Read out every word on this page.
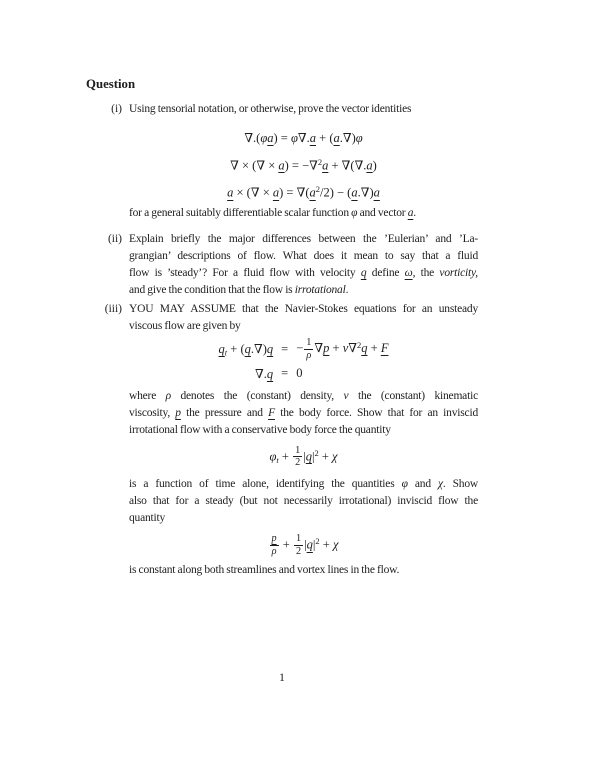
Question
(i) Using tensorial notation, or otherwise, prove the vector identities
∇.(φa) = φ∇.a + (a.∇)φ
∇ × (∇ × a) = −∇$^2$a + ∇(∇.a)
a × (∇ × $a) = \nabla(a^2/2) - (a.\nabla)a$
for a general suitably differentiable scalar function φ and vector a.
(ii) Explain briefly the major differences between the ’Eulerian’ and ’La-
grangian’ descriptions of flow. What does it mean to say that a fluid
flow is ’steady’? For a fluid flow with velocity q define ω, the vorticity,
and give the condition that the flow is irrotational.
(iii) YOU MAY ASSUME that the Navier-Stokes equations for an unsteady
viscous flow are given by
$q_t + (q.\nabla)q$	=	− $\frac{1}{\rho} \nabla p + \nu\nabla^2q + F$
∇.q	=	0
where ρ denotes the (constant) density, ν the (constant) kinematic
viscosity, p the pressure and F the body force. Show that for an inviscid
irrotational flow with a conservative body force the quantity
$\varphi_t + \frac{1}{2} |q|^2 + \chi$
is a function of time alone, identifying the quantities φ and χ. Show
also that for a steady (but not necessarily irrotational) inviscid flow the
quantity
$\frac{p}{\rho} + \frac{1}{2} |q|^2 + \chi$
is constant along both streamlines and vortex lines in the flow.
1
